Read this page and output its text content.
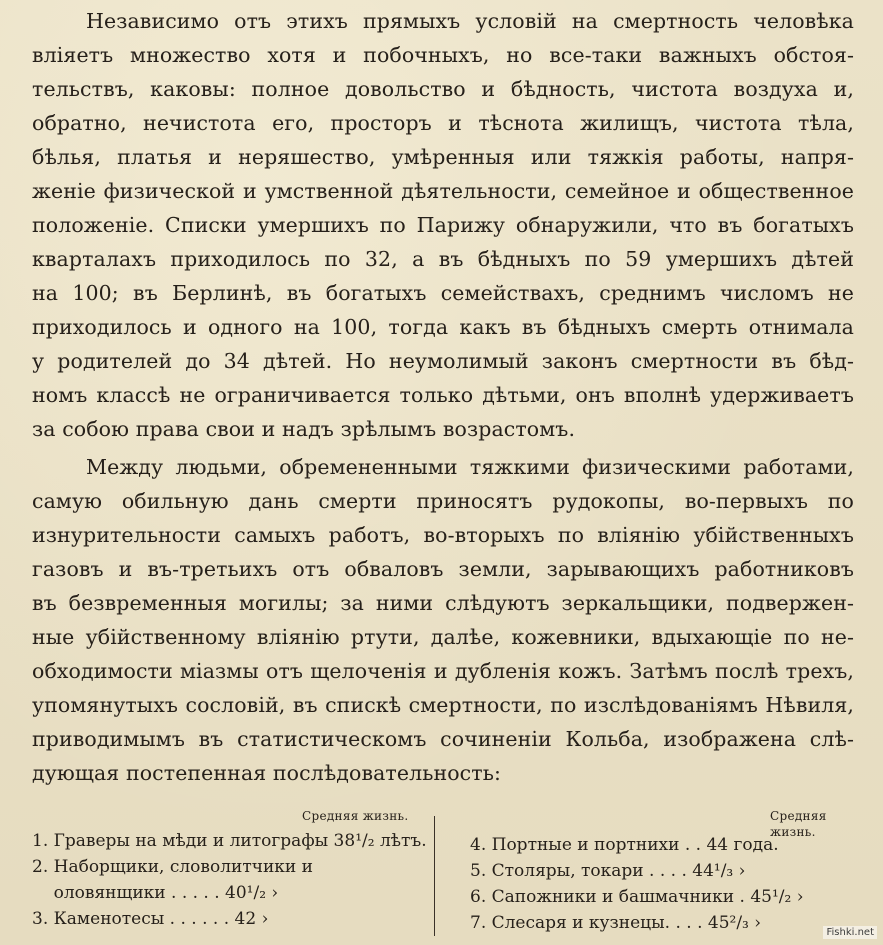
Независимо отъ этихъ прямыхъ условій на смертность человѣка
вліяетъ множество хотя и побочныхъ, но все-таки важныхъ обстоя-
тельствъ, каковы: полное довольство и бѣдность, чистота воздуха и,
обратно, нечистота его, просторъ и тѣснота жилищъ, чистота тѣла,
бѣлья, платья и неряшество, умѣренныя или тяжкія работы, напря-
женіе физической и умственной дѣятельности, семейное и общественное
положеніе. Списки умершихъ по Парижу обнаружили, что въ богатыхъ
кварталахъ приходилось по 32, а въ бѣдныхъ по 59 умершихъ дѣтей
на 100; въ Берлинѣ, въ богатыхъ семействахъ, среднимъ числомъ не
приходилось и одного на 100, тогда какъ въ бѣдныхъ смерть отнимала
у родителей до 34 дѣтей. Но неумолимый законъ смертности въ бѣд-
номъ классѣ не ограничивается только дѣтьми, онъ вполнѣ удерживаетъ
за собою права свои и надъ зрѣлымъ возрастомъ.
Между людьми, обремененными тяжкими физическими работами,
самую обильную дань смерти приносятъ рудокопы, во-первыхъ по
изнурительности самыхъ работъ, во-вторыхъ по вліянію убійственныхъ
газовъ и въ-третьихъ отъ обваловъ земли, зарывающихъ работниковъ
въ безвременныя могилы; за ними слѣдуютъ зеркальщики, подвержен-
ные убійственному вліянію ртути, далѣе, кожевники, вдыхающіе по не-
обходимости міазмы отъ щелоченія и дубленія кожъ. Затѣмъ послѣ трехъ,
упомянутыхъ сословій, въ спискѣ смертности, по изслѣдованіямъ Нѣвиля,
приводимымъ въ статистическомъ сочиненіи Кольба, изображена слѣ-
дующая постепенная послѣдовательность:
Средняя жизнь.
1. Граверы на мѣди и литографы 38¹/₂ лѣтъ.
2. Наборщики, словолитчики и
оловянщики . . . . . 40¹/₂ ›
3. Каменотесы . . . . . . 42 ›
Средняя жизнь.
4. Портные и портнихи . . 44 года.
5. Столяры, токари . . . . 44¹/₃ ›
6. Сапожники и башмачники . 45¹/₂ ›
7. Слесаря и кузнецы. . . . 45²/₃ ›	Fishki.net
